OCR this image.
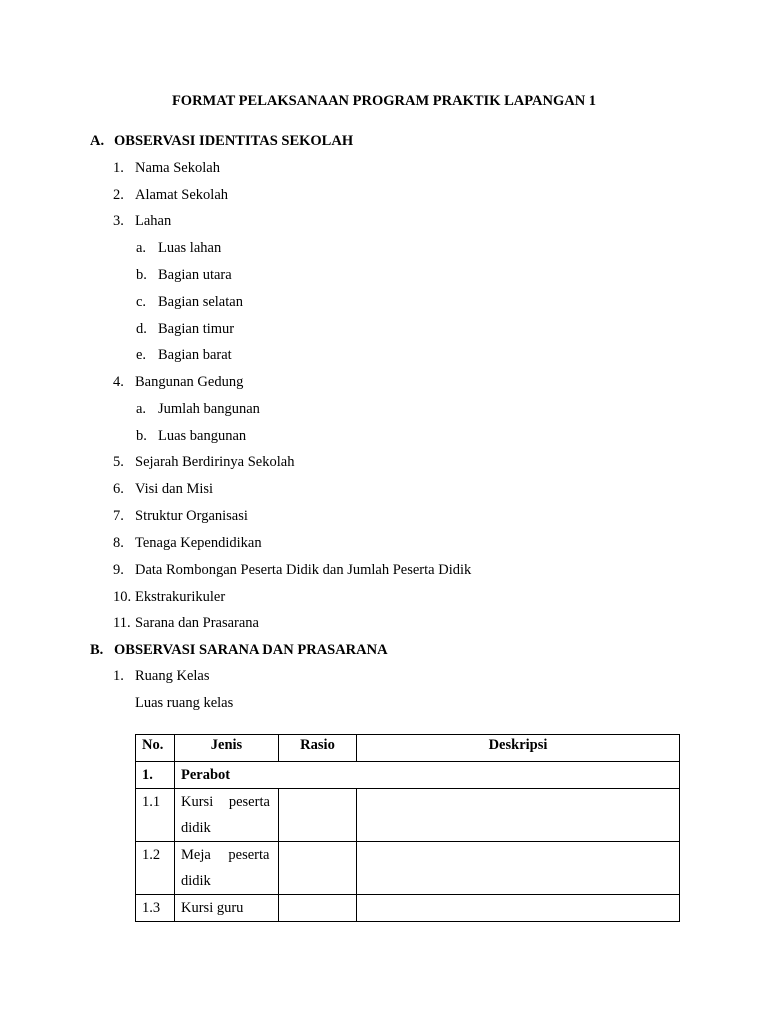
FORMAT PELAKSANAAN PROGRAM PRAKTIK LAPANGAN 1
A. OBSERVASI IDENTITAS SEKOLAH
1. Nama Sekolah
2. Alamat Sekolah
3. Lahan
a. Luas lahan
b. Bagian utara
c. Bagian selatan
d. Bagian timur
e. Bagian barat
4. Bangunan Gedung
a. Jumlah bangunan
b. Luas bangunan
5. Sejarah Berdirinya Sekolah
6. Visi dan Misi
7. Struktur Organisasi
8. Tenaga Kependidikan
9. Data Rombongan Peserta Didik dan Jumlah Peserta Didik
10. Ekstrakurikuler
11. Sarana dan Prasarana
B. OBSERVASI SARANA DAN PRASARANA
1. Ruang Kelas
Luas ruang kelas
No.	Jenis	Rasio	Deskripsi
1.	Perabot		
1.1	Kursi peserta
didik		

1.2	Meja peserta
didik		

1.3	Kursi guru		
